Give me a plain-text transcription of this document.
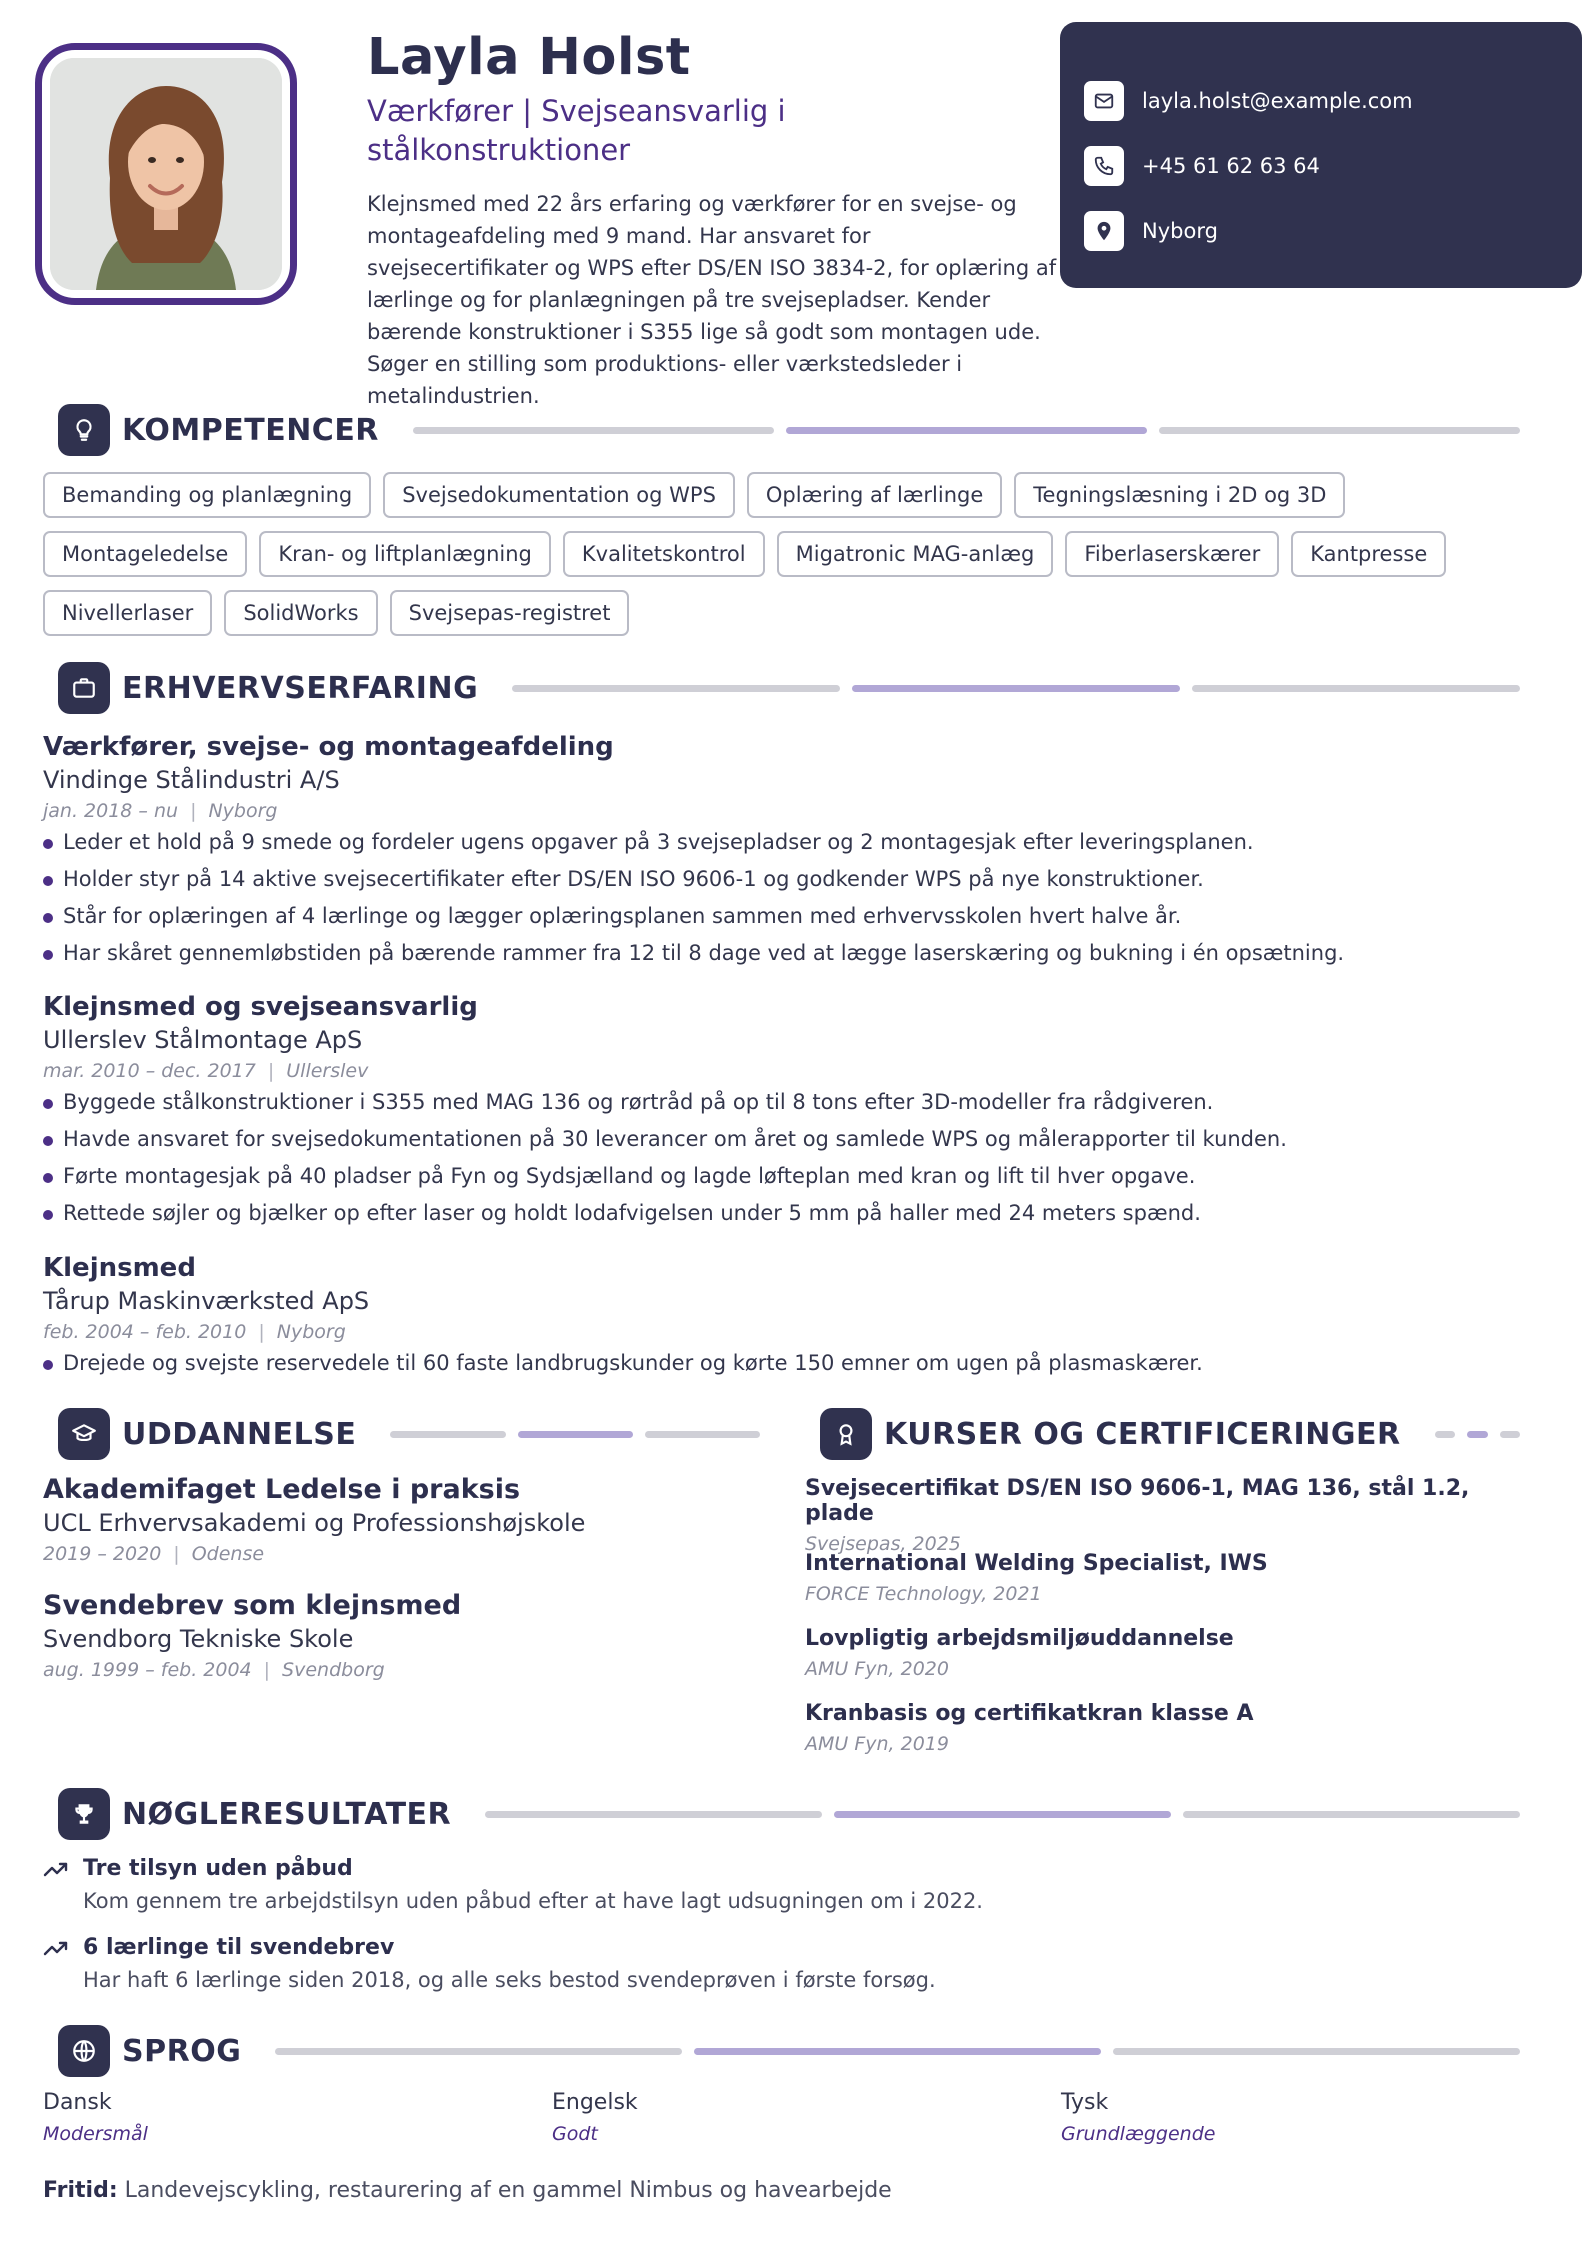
Layla Holst
Værkfører | Svejseansvarlig i stålkonstruktioner
Klejnsmed med 22 års erfaring og værkfører for en svejse- og montageafdeling med 9 mand. Har ansvaret for svejsecertifikater og WPS efter DS/EN ISO 3834-2, for oplæring af lærlinge og for planlægningen på tre svejsepladser. Kender bærende konstruktioner i S355 lige så godt som montagen ude. Søger en stilling som produktions- eller værkstedsleder i metalindustrien.
layla.holst@example.com
+45 61 62 63 64
Nyborg
KOMPETENCER
Bemanding og planlægning	Svejsedokumentation og WPS	Oplæring af lærlinge	Tegningslæsning i 2D og 3D
Montageledelse	Kran- og liftplanlægning	Kvalitetskontrol	Migatronic MAG-anlæg	Fiberlaserskærer	Kantpresse
Nivellerlaser	SolidWorks	Svejsepas-registret
ERHVERVSERFARING
Værkfører, svejse- og montageafdeling
Vindinge Stålindustri A/S
jan. 2018 – nu | Nyborg
Leder et hold på 9 smede og fordeler ugens opgaver på 3 svejsepladser og 2 montagesjak efter leveringsplanen.
Holder styr på 14 aktive svejsecertifikater efter DS/EN ISO 9606-1 og godkender WPS på nye konstruktioner.
Står for oplæringen af 4 lærlinge og lægger oplæringsplanen sammen med erhvervsskolen hvert halve år.
Har skåret gennemløbstiden på bærende rammer fra 12 til 8 dage ved at lægge laserskæring og bukning i én opsætning.
Klejnsmed og svejseansvarlig
Ullerslev Stålmontage ApS
mar. 2010 – dec. 2017 | Ullerslev
Byggede stålkonstruktioner i S355 med MAG 136 og rørtråd på op til 8 tons efter 3D-modeller fra rådgiveren.
Havde ansvaret for svejsedokumentationen på 30 leverancer om året og samlede WPS og målerapporter til kunden.
Førte montagesjak på 40 pladser på Fyn og Sydsjælland og lagde løfteplan med kran og lift til hver opgave.
Rettede søjler og bjælker op efter laser og holdt lodafvigelsen under 5 mm på haller med 24 meters spænd.
Klejnsmed
Tårup Maskinværksted ApS
feb. 2004 – feb. 2010 | Nyborg
Drejede og svejste reservedele til 60 faste landbrugskunder og kørte 150 emner om ugen på plasmaskærer.
UDDANNELSE
Akademifaget Ledelse i praksis
UCL Erhvervsakademi og Professionshøjskole
2019 – 2020 | Odense
Svendebrev som klejnsmed
Svendborg Tekniske Skole
aug. 1999 – feb. 2004 | Svendborg
KURSER OG CERTIFICERINGER
Svejsecertifikat DS/EN ISO 9606-1, MAG 136, stål 1.2, plade
Svejsepas, 2025
International Welding Specialist, IWS
FORCE Technology, 2021
Lovpligtig arbejdsmiljøuddannelse
AMU Fyn, 2020
Kranbasis og certifikatkran klasse A
AMU Fyn, 2019
NØGLERESULTATER
Tre tilsyn uden påbud
Kom gennem tre arbejdstilsyn uden påbud efter at have lagt udsugningen om i 2022.
6 lærlinge til svendebrev
Har haft 6 lærlinge siden 2018, og alle seks bestod svendeprøven i første forsøg.
SPROG
Dansk
Modersmål
Engelsk
Godt
Tysk
Grundlæggende
Fritid: Landevejscykling, restaurering af en gammel Nimbus og havearbejde
